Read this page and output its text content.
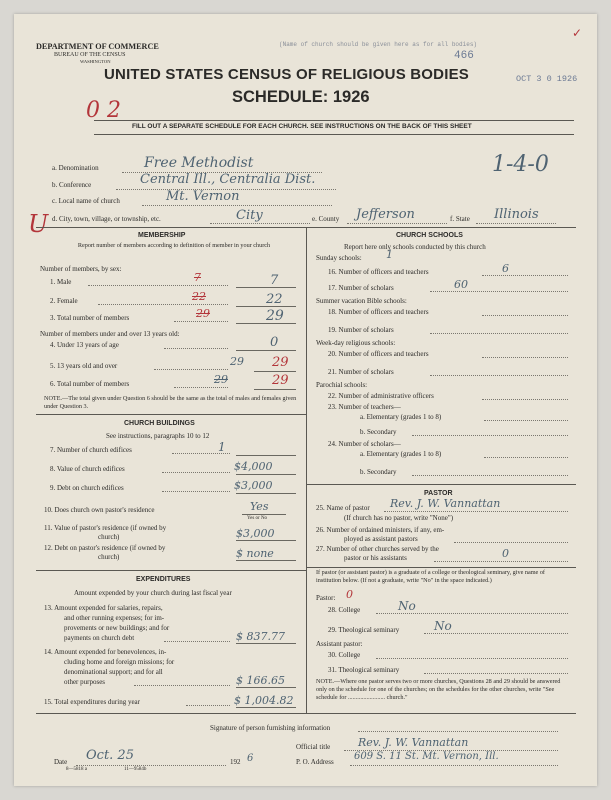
DEPARTMENT OF COMMERCE
BUREAU OF THE CENSUS
WASHINGTON
(Name of church should be given here as for all bodies)
466
OCT 3 0 1926
✓
UNITED STATES CENSUS OF RELIGIOUS BODIES
SCHEDULE: 1926
0 2
FILL OUT A SEPARATE SCHEDULE FOR EACH CHURCH. SEE INSTRUCTIONS ON THE BACK OF THIS SHEET
a. Denomination	Free Methodist
b. Conference	Central Ill., Centralia Dist.
1-4-0
c. Local name of church	Mt. Vernon
U d. City, town, village, or township, etc.	City	e. County Jefferson	f. State Illinois
MEMBERSHIP
Report number of members according to definition of member in your church
Number of members, by sex:
1. Male	7	7
2. Female	22	22
3. Total number of members	29	29
Number of members under and over 13 years old:
4. Under 13 years of age	0
5. 13 years old and over	29 29
6. Total number of members	29	29
NOTE.—The total given under Question 6 should be the same as the total of males and females given under Question 3.
CHURCH BUILDINGS
See instructions, paragraphs 10 to 12
7. Number of church edifices	1
8. Value of church edifices	$4,000
9. Debt on church edifices	$3,000
10. Does church own pastor's residence	Yes
Yes or No
11. Value of pastor's residence (if owned by
church)	$3,000
12. Debt on pastor's residence (if owned by
church)	$ none
EXPENDITURES
Amount expended by your church during last fiscal year
13. Amount expended for salaries, repairs,
and other running expenses; for im-
provements or new buildings; and for
payments on church debt	$ 837.77
14. Amount expended for benevolences, in-
cluding home and foreign missions; for
denominational support; and for all
other purposes	$ 166.65
15. Total expenditures during year	$ 1,004.82
CHURCH SCHOOLS
Report here only schools conducted by this church
Sunday schools: 1
16. Number of officers and teachers	6
17. Number of scholars	60
Summer vacation Bible schools:
18. Number of officers and teachers
19. Number of scholars
Week-day religious schools:
20. Number of officers and teachers
21. Number of scholars
Parochial schools:
22. Number of administrative officers
23. Number of teachers—
a. Elementary (grades 1 to 8)
b. Secondary
24. Number of scholars—
a. Elementary (grades 1 to 8)
b. Secondary
PASTOR
25. Name of pastor Rev. J. W. Vannattan
(If church has no pastor, write "None")
26. Number of ordained ministers, if any, em-
ployed as assistant pastors
27. Number of other churches served by the
pastor or his assistants	0
If pastor (or assistant pastor) is a graduate of a college or theological seminary, give name of institution below. (If not a graduate, write "No" in the space indicated.)
Pastor: 0
28. College	No
29. Theological seminary	No
Assistant pastor:
30. College
31. Theological seminary
NOTE.—Where one pastor serves two or more churches, Questions 28 and 29 should be answered only on the schedule for one of the churches; on the schedules for the other churches, write "See schedule for ........................ church."
Signature of person furnishing information
Official title	Rev. J. W. Vannattan
Date Oct. 25	192 6	P. O. Address 609 S. 11 St. Mt. Vernon, Ill.
8—5818 a	11—9584b
